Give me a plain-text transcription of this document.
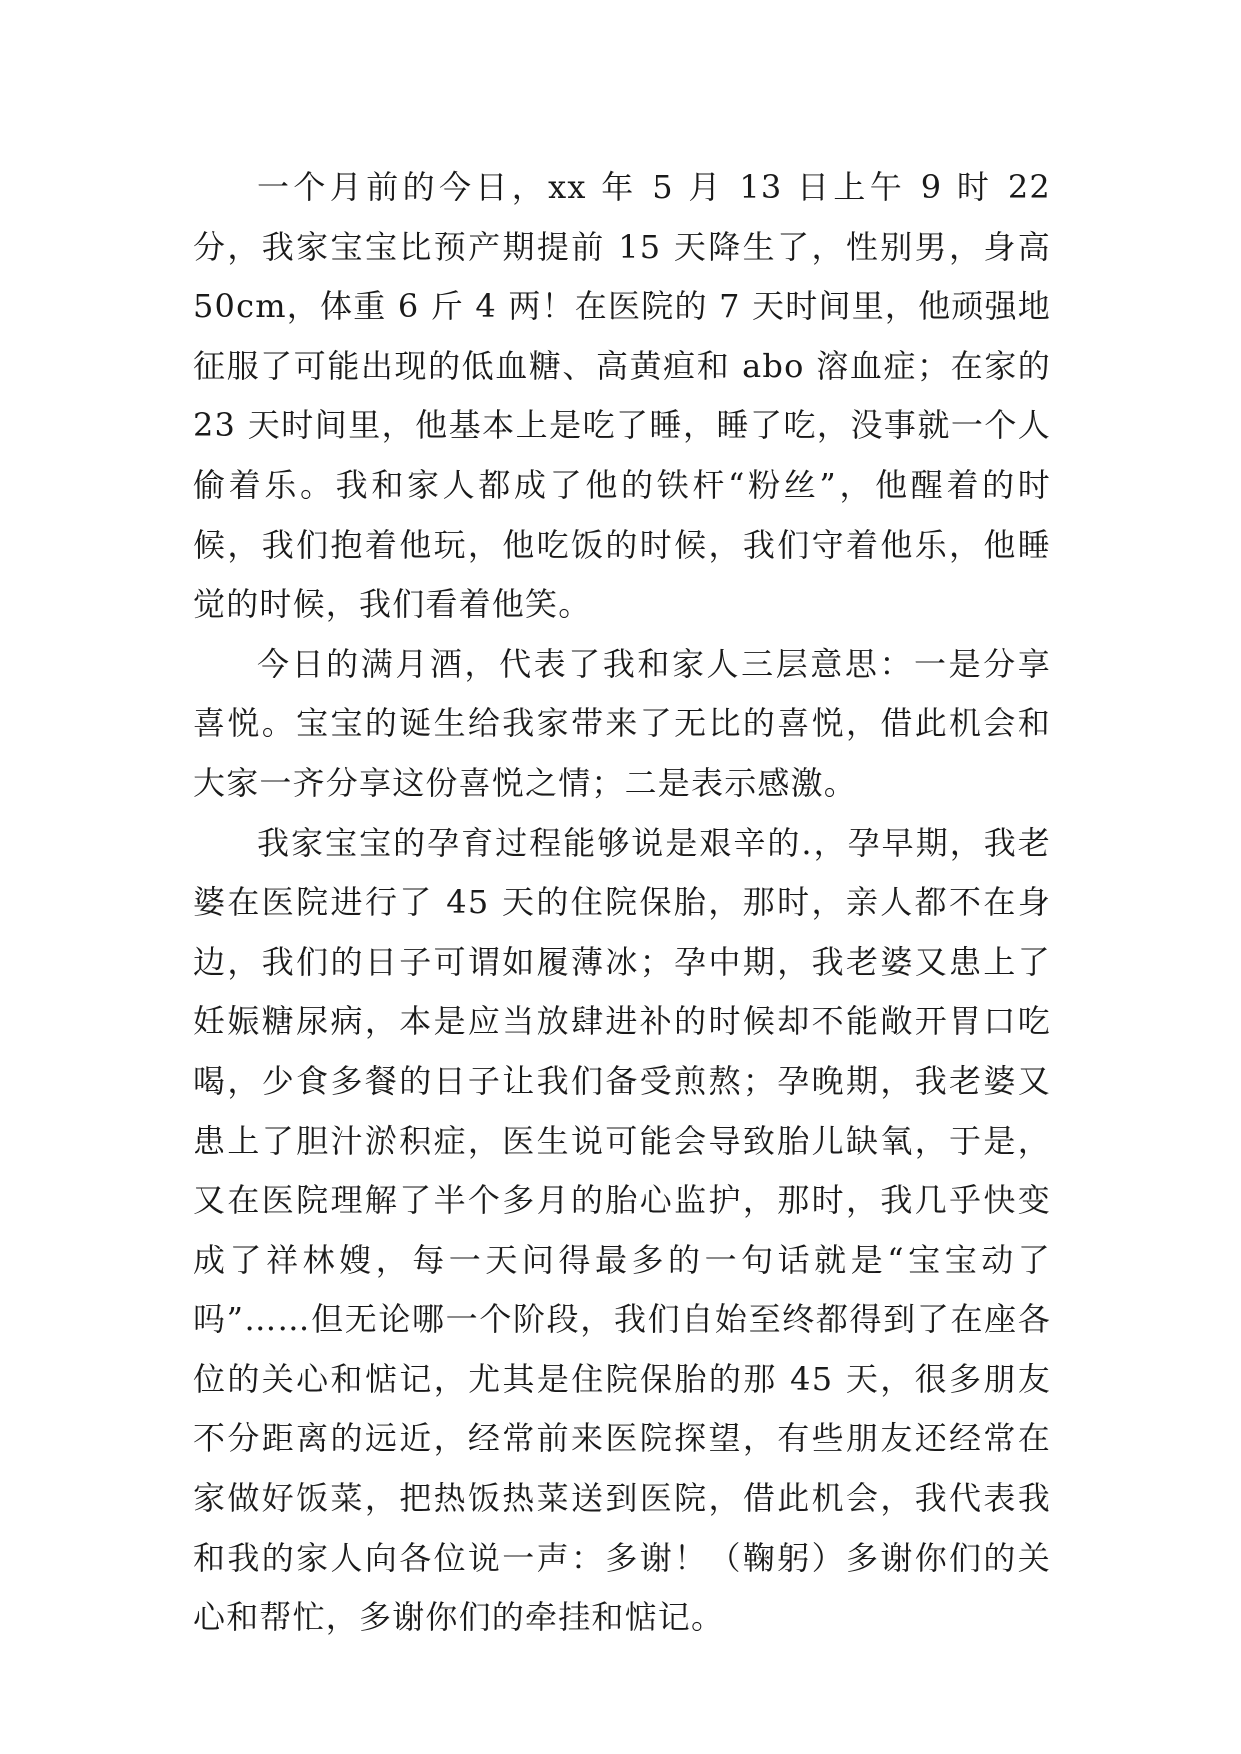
一个月前的今日，xx 年 5 月 13 日上午 9 时 22 分，我家宝宝比预产期提前 15 天降生了，性别男，身高 50cm，体重 6 斤 4 两！在医院的 7 天时间里，他顽强地征服了可能出现的低血糖、高黄疸和 abo 溶血症；在家的 23 天时间里，他基本上是吃了睡，睡了吃，没事就一个人偷着乐。我和家人都成了他的铁杆“粉丝”，他醒着的时候，我们抱着他玩，他吃饭的时候，我们守着他乐，他睡觉的时候，我们看着他笑。

今日的满月酒，代表了我和家人三层意思：一是分享喜悦。宝宝的诞生给我家带来了无比的喜悦，借此机会和大家一齐分享这份喜悦之情；二是表示感激。

我家宝宝的孕育过程能够说是艰辛的.，孕早期，我老婆在医院进行了 45 天的住院保胎，那时，亲人都不在身边，我们的日子可谓如履薄冰；孕中期，我老婆又患上了妊娠糖尿病，本是应当放肆进补的时候却不能敞开胃口吃喝，少食多餐的日子让我们备受煎熬；孕晚期，我老婆又患上了胆汁淤积症，医生说可能会导致胎儿缺氧，于是，又在医院理解了半个多月的胎心监护，那时，我几乎快变成了祥林嫂，每一天问得最多的一句话就是“宝宝动了吗”……但无论哪一个阶段，我们自始至终都得到了在座各位的关心和惦记，尤其是住院保胎的那 45 天，很多朋友不分距离的远近，经常前来医院探望，有些朋友还经常在家做好饭菜，把热饭热菜送到医院，借此机会，我代表我和我的家人向各位说一声：多谢！（鞠躬）多谢你们的关心和帮忙，多谢你们的牵挂和惦记。
